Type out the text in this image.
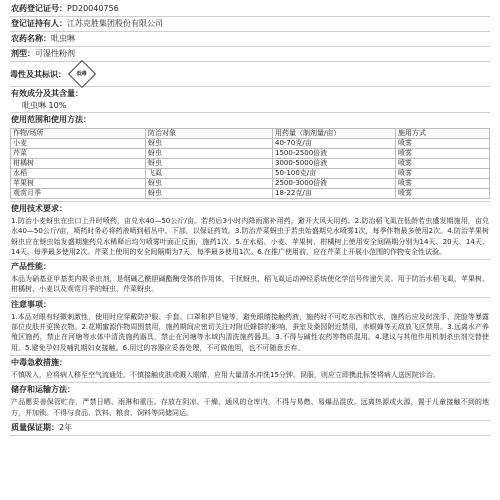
农药登记证号：PD20040756
登记证持有人：江苏克胜集团股份有限公司
农药名称：吡虫啉
剂型：可湿性粉剂
毒性及其标识： 低毒
有效成分及其含量：
吡虫啉 10%
使用范围和使用方法：
作物/场所	防治对象	用药量（制剂量/亩）	施用方式
小麦	蚜虫	40-70克/亩	喷雾
芹菜	蚜虫	1500-2500倍液	喷雾
柑橘树	蚜虫	3000-5000倍液	喷雾
水稻	飞虱	50-100克/亩	喷雾
苹果树	蚜虫	2500-3000倍液	喷雾
观赏月季	蚜虫	18-22克/亩	喷雾
使用技术要求：
1.防治小麦蚜虫在虫口上升时喷药，亩兑水40—50公斤/亩。若药后3小时内降雨需补用药，避开大风天用药。2.防治稻飞虱在低龄若虫盛发期施用，亩兑水40—50公斤/亩，喷药时务必将药液喷到稻丛中、下部，以保证药效。3.防治芹菜蚜虫于若虫始盛期兑水喷雾1次，每季作物最多使用2次。4.防治苹果树蚜虫应在蚜虫始发盛期施药兑水稀释后均匀喷雾叶面正反面，施药1次。5.在水稻、小麦、苹果树、柑橘树上使用安全间隔期分别为14天、20天、14天、14天，每季最多使用2次。芹菜上使用的安全间隔期为7天，每季最多使用1次。6.在推广使用前，应在芹菜上开展小范围的作物安全性试验。
产品性能：
本品为硝基亚甲基类内吸杀虫剂，是烟碱乙酰胆碱酯酶受体的作用体，干扰蚜虫、稻飞虱运动神经系统使化学信号传递失灵。用于防治水稻飞虱、苹果树、柑橘树、小麦以及观赏月季的蚜虫、芹菜蚜虫。
注意事项：
1.本品对眼有轻微刺激性，使用时应穿戴防护服、手套、口罩和护目镜等，避免眼睛接触药液，施药时不可吃东西和饮水，施药后应及时洗手、洗脸等暴露部位皮肤并更换衣物。2.花期蜜源作物周围禁用，施药期间应密切关注对附近蜂群的影响，蚕室及桑园附近禁用，赤眼蜂等天敌放飞区禁用。3.远离水产养殖区施药，禁止在河塘等水体中清洗施药器具，禁止在河塘等水域内清洗施药器具。3.不得与碱性农药等物质混用。4.建议与其他作用机制杀虫剂交替使用。5.避免孕妇及哺乳期妇女接触。6.用过的容器应妥善处理，不可做他用，也不可随意丢弃。
中毒急救措施：
不慎吸入，应将病人移至空气流通处。不慎接触皮肤或溅入眼睛，应用大量清水冲洗15分钟。误服，则应立即携此标签将病人送医院诊治。
储存和运输方法：
产品應妥善保管贮存，严禁日晒、雨淋和重压。存放在阴凉、干燥、通风的仓库内，不得与易燃、易爆品混放。远离热源或火源，置于儿童接触不到的地方，并加锁。不得与食品、饮料、粮食、饲料等同储同运。
质量保证期：2年
